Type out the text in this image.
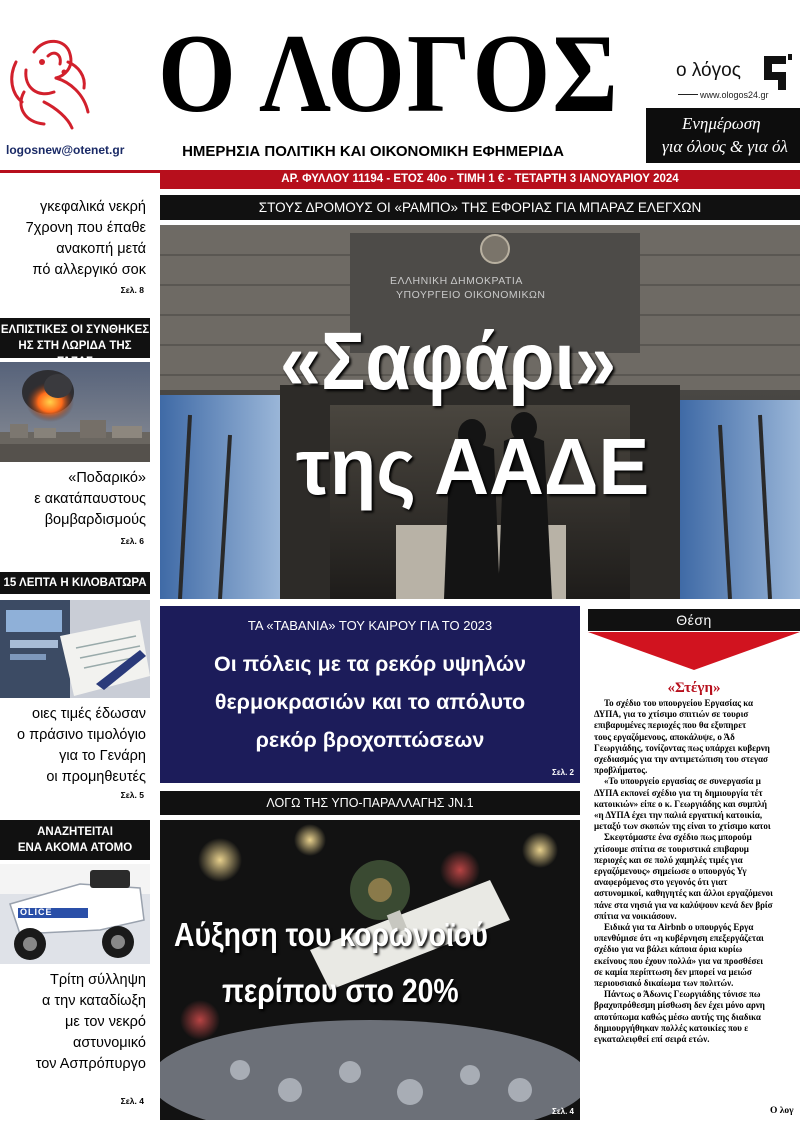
logosnew@otenet.gr
Ο ΛΟΓΟΣ
ΗΜΕΡΗΣΙΑ ΠΟΛΙΤΙΚΗ ΚΑΙ ΟΙΚΟΝΟΜΙΚΗ ΕΦΗΜΕΡΙΔΑ
ο λόγος
www.ologos24.gr
Ενημέρωση
για όλους & για όλ
ΑΡ. ΦΥΛΛΟΥ 11194 - ΕΤΟΣ 40ο - ΤΙΜΗ 1 € - ΤΕΤΑΡΤΗ 3 ΙΑΝΟΥΑΡΙΟΥ 2024
γκεφαλικά νεκρή
7χρονη που έπαθε
ανακοπή μετά
πό αλλεργικό σοκ
Σελ. 8
ΕΛΠΙΣΤΙΚΕΣ ΟΙ ΣΥΝΘΗΚΕΣ
ΗΣ ΣΤΗ ΛΩΡΙΔΑ ΤΗΣ
«Ποδαρικό»
ε ακατάπαυστους
βομβαρδισμούς
Σελ. 6
15 ΛΕΠΤΑ Η ΚΙΛΟΒΑΤΩΡΑ
οιες τιμές έδωσαν
ο πράσινο τιμολόγιο
για το Γενάρη
οι προμηθευτές
Σελ. 5
ΑΝΑΖΗΤΕΙΤΑΙ
ΕΝΑ ΑΚΟΜΑ ΑΤΟΜΟ
OLICE
Τρίτη σύλληψη
α την καταδίωξη
με τον νεκρό
αστυνομικό
τον Ασπρόπυργο
Σελ. 4
ΣΤΟΥΣ ΔΡΟΜΟΥΣ ΟΙ «ΡΑΜΠΟ» ΤΗΣ ΕΦΟΡΙΑΣ ΓΙΑ ΜΠΑΡΑΖ ΕΛΕΓΧΩΝ
ΕΛΛΗΝΙΚΗ ΔΗΜΟΚΡΑΤΙΑ
ΥΠΟΥΡΓΕΙΟ ΟΙΚΟΝΟΜΙΚΩΝ
«Σαφάρι»
της ΑΑΔΕ
ΤΑ «ΤΑΒΑΝΙΑ» ΤΟΥ ΚΑΙΡΟΥ ΓΙΑ ΤΟ 2023
Οι πόλεις με τα ρεκόρ υψηλών
θερμοκρασιών και το απόλυτο
ρεκόρ βροχοπτώσεων
Σελ. 2
ΛΟΓΩ ΤΗΣ ΥΠΟ-ΠΑΡΑΛΛΑΓΗΣ JN.1
Αύξηση του κορωνοϊού
περίπου στο 20%
Σελ. 4
Θέση
«Στέγη»

Το σχέδιο του υπουργείου Εργασίας κα

ΔΥΠΑ, για το χτίσιμο σπιτιών σε τουρισ

επιβαρυμένες περιοχές που θα εξυπηρετ

τους εργαζόμενους, αποκάλυψε, ο Άδ

Γεωργιάδης, τονίζοντας πως υπάρχει κυβερνη

σχεδιασμός για την αντιμετώπιση του στεγασ

προβλήματος.

«Το υπουργείο εργασίας σε συνεργασία μ

ΔΥΠΑ εκπονεί σχέδιο για τη δημιουργία τέτ

κατοικιών» είπε ο κ. Γεωργιάδης και συμπλή

«η ΔΥΠΑ έχει την παλιά εργατική κατοικία,

μεταξύ των σκοπών της είναι το χτίσιμο κατοι

Σκεφτόμαστε ένα σχέδιο πως μπορούμ

χτίσουμε σπίτια σε τουριστικά επιβαρυμ

περιοχές και σε πολύ χαμηλές τιμές για

εργαζόμενους» σημείωσε ο υπουργός Υγ

αναφερόμενος στο γεγονός ότι γιατ

αστυνομικοί, καθηγητές και άλλοι εργαζόμενοι

πάνε στα νησιά για να καλύψουν κενά δεν βρίσ

σπίτια να νοικιάσουν.

Ειδικά για τα Airbnb ο υπουργός Εργα

υπενθύμισε ότι «η κυβέρνηση επεξεργάζεται

σχέδιο για να βάλει κάποια όρια κυρίω

εκείνους που έχουν πολλά» για να προσθέσει

σε καμία περίπτωση δεν μπορεί να μειώσ

περιουσιακό δικαίωμα των πολιτών.

Πάντως ο Άδωνις Γεωργιάδης τόνισε πω

βραχυπρόθεσμη μίσθωση δεν έχει μόνο αρνη

αποτύπωμα καθώς μέσω αυτής της διαδικα

δημιουργήθηκαν πολλές κατοικίες που ε

εγκαταλειφθεί επί σειρά ετών.

Ο λογ
